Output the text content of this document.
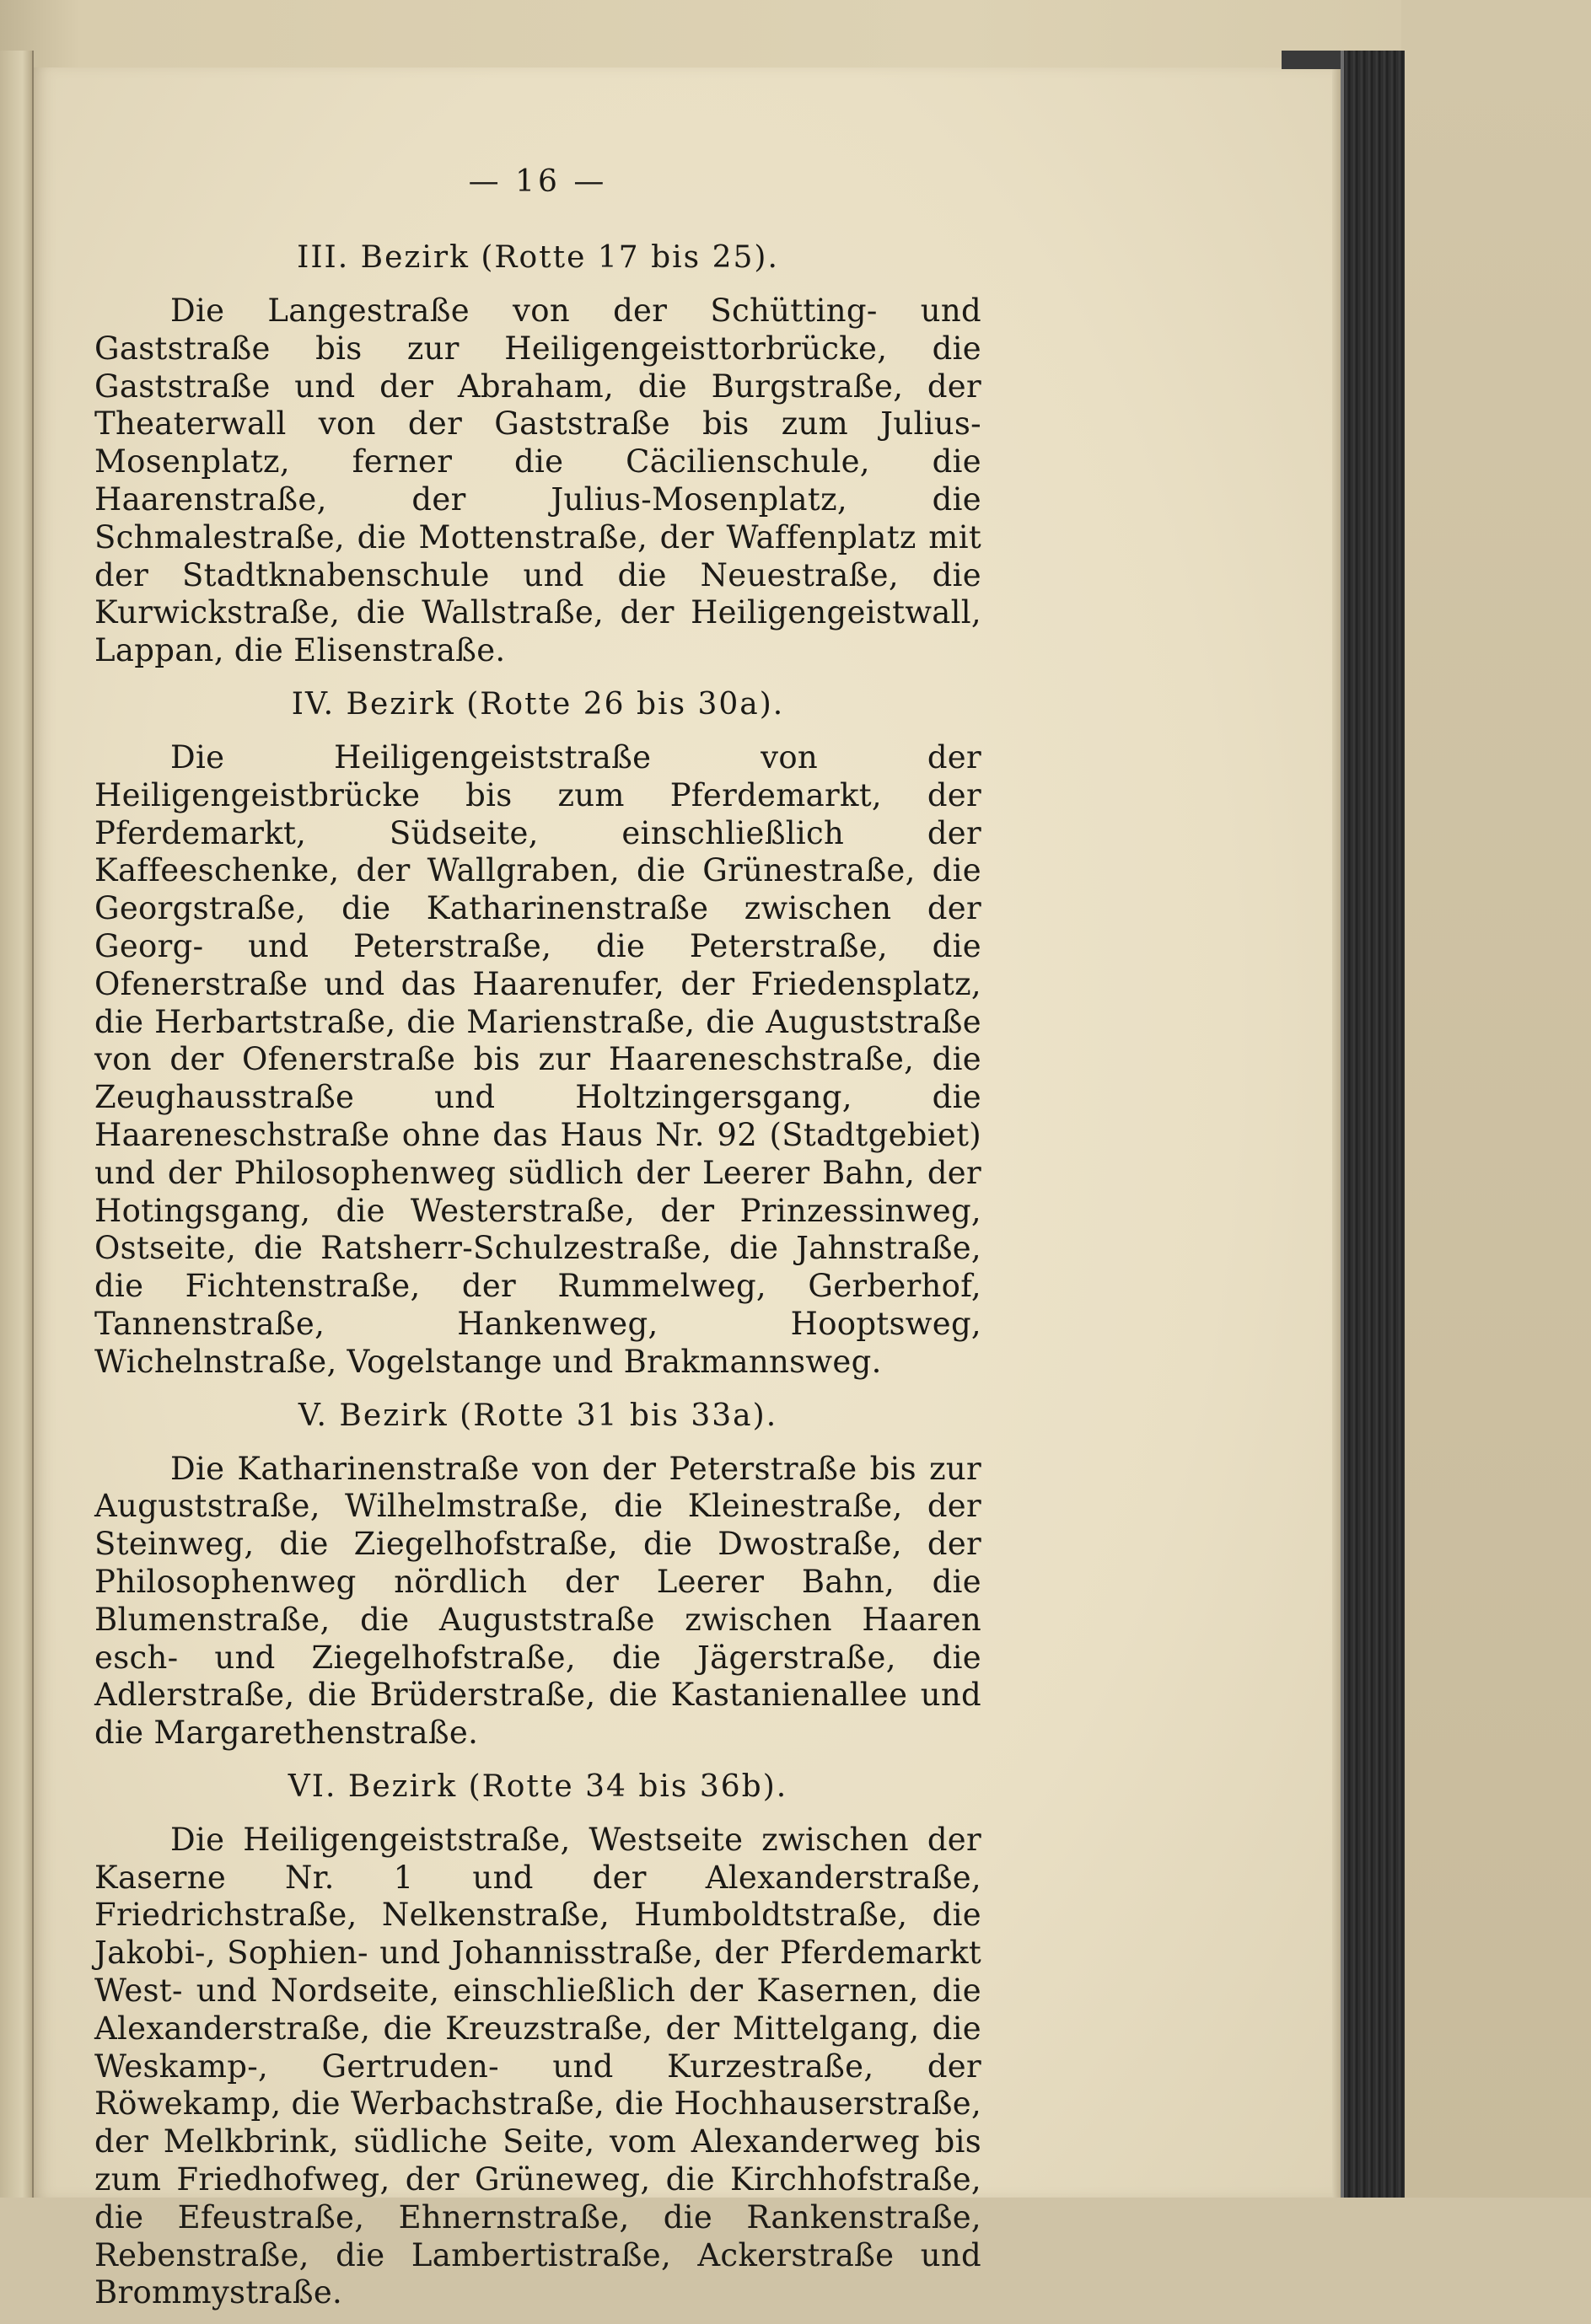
— 16 —
III. Bezirk (Rotte 17 bis 25).

Die Langestraße von der Schütting- und Gaststraße bis zur Heiligengeisttorbrücke, die Gaststraße und der Abraham, die Burgstraße, der Theaterwall von der Gaststraße bis zum Julius-Mosenplatz, ferner die Cäcilienschule, die Haarenstraße, der Julius-Mosenplatz, die Schmalestraße, die Mottenstraße, der Waffenplatz mit der Stadtknabenschule und die Neuestraße, die Kurwickstraße, die Wallstraße, der Heiligengeistwall, Lappan, die Elisenstraße.

IV. Bezirk (Rotte 26 bis 30a).

Die Heiligengeiststraße von der Heiligengeistbrücke bis zum Pferdemarkt, der Pferdemarkt, Südseite, einschließlich der Kaffeeschenke, der Wallgraben, die Grünestraße, die Georgstraße, die Katharinenstraße zwischen der Georg- und Peterstraße, die Peterstraße, die Ofenerstraße und das Haarenufer, der Friedensplatz, die Herbartstraße, die Marienstraße, die Auguststraße von der Ofenerstraße bis zur Haareneschstraße, die Zeughausstraße und Holtzingersgang, die Haareneschstraße ohne das Haus Nr. 92 (Stadtgebiet) und der Philosophenweg südlich der Leerer Bahn, der Hotingsgang, die Westerstraße, der Prinzessinweg, Ostseite, die Ratsherr-Schulzestraße, die Jahnstraße, die Fichtenstraße, der Rummelweg, Gerberhof, Tannenstraße, Hankenweg, Hooptsweg, Wichelnstraße, Vogelstange und Brakmannsweg.

V. Bezirk (Rotte 31 bis 33a).

Die Katharinenstraße von der Peterstraße bis zur Auguststraße, Wilhelmstraße, die Kleinestraße, der Steinweg, die Ziegelhofstraße, die Dwostraße, der Philosophenweg nördlich der Leerer Bahn, die Blumenstraße, die Auguststraße zwischen Haaren esch- und Ziegelhofstraße, die Jägerstraße, die Adlerstraße, die Brüderstraße, die Kastanienallee und die Margarethenstraße.

VI. Bezirk (Rotte 34 bis 36b).

Die Heiligengeiststraße, Westseite zwischen der Kaserne Nr. 1 und der Alexanderstraße, Friedrichstraße, Nelkenstraße, Humboldtstraße, die Jakobi-, Sophien- und Johannisstraße, der Pferdemarkt West- und Nordseite, einschließlich der Kasernen, die Alexanderstraße, die Kreuzstraße, der Mittelgang, die Weskamp-, Gertruden- und Kurzestraße, der Röwekamp, die Werbachstraße, die Hochhauserstraße, der Melkbrink, südliche Seite, vom Alexanderweg bis zum Friedhofweg, der Grüneweg, die Kirchhofstraße, die Efeustraße, Ehnernstraße, die Rankenstraße, Rebenstraße, die Lambertistraße, Ackerstraße und Brommystraße.
